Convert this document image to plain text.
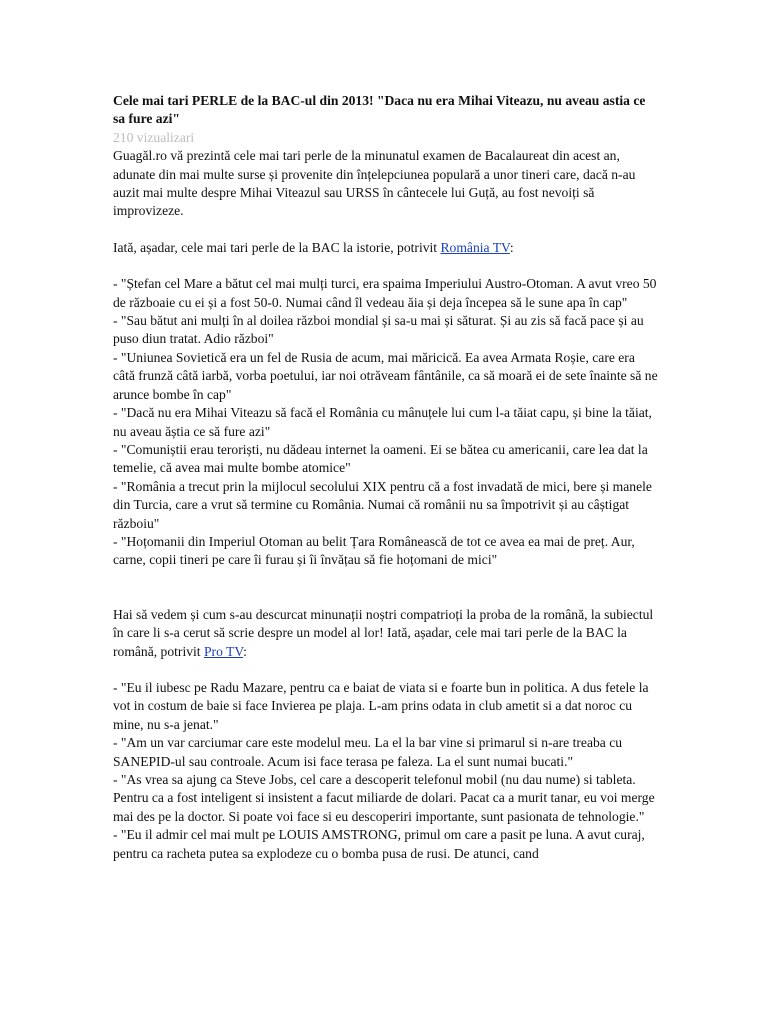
Cele mai tari PERLE de la BAC-ul din 2013! "Daca nu era Mihai Viteazu, nu aveau astia ce sa fure azi"

210 vizualizari

Guagăl.ro vă prezintă cele mai tari perle de la minunatul examen de Bacalaureat din acest an, adunate din mai multe surse și provenite din înțelepciunea populară a unor tineri care, dacă n-au auzit mai multe despre Mihai Viteazul sau URSS în cântecele lui Guță, au fost nevoiți să improvizeze.

Iată, așadar, cele mai tari perle de la BAC la istorie, potrivit România TV:

- "Ștefan cel Mare a bătut cel mai mulți turci, era spaima Imperiului Austro-Otoman. A avut vreo 50 de războaie cu ei și a fost 50-0. Numai când îl vedeau ăia și deja începea să le sune apa în cap"

- "Sau bătut ani mulți în al doilea război mondial și sa-u mai și săturat. Și au zis să facă pace și au puso diun tratat. Adio război"

- "Uniunea Sovietică era un fel de Rusia de acum, mai măricică. Ea avea Armata Roșie, care era câtă frunză câtă iarbă, vorba poetului, iar noi otrăveam fântânile, ca să moară ei de sete înainte să ne arunce bombe în cap"

- "Dacă nu era Mihai Viteazu să facă el România cu mânuțele lui cum l-a tăiat capu, și bine la tăiat, nu aveau ăștia ce să fure azi"

- "Comuniștii erau teroriști, nu dădeau internet la oameni. Ei se bătea cu americanii, care lea dat la temelie, că avea mai multe bombe atomice"

- "România a trecut prin la mijlocul secolului XIX pentru că a fost invadată de mici, bere și manele din Turcia, care a vrut să termine cu România. Numai că românii nu sa împotrivit și au câștigat războiu"

- "Hoțomanii din Imperiul Otoman au belit Țara Românească de tot ce avea ea mai de preț. Aur, carne, copii tineri pe care îi furau și îi învățau să fie hoțomani de mici"

Hai să vedem și cum s-au descurcat minunații noștri compatrioți la proba de la română, la subiectul în care li s-a cerut să scrie despre un model al lor! Iată, așadar, cele mai tari perle de la BAC la română, potrivit Pro TV:

- "Eu il iubesc pe Radu Mazare, pentru ca e baiat de viata si e foarte bun in politica. A dus fetele la vot in costum de baie si face Invierea pe plaja. L-am prins odata in club ametit si a dat noroc cu mine, nu s-a jenat."

- "Am un var carciumar care este modelul meu. La el la bar vine si primarul si n-are treaba cu SANEPID-ul sau controale. Acum isi face terasa pe faleza. La el sunt numai bucati."

- "As vrea sa ajung ca Steve Jobs, cel care a descoperit telefonul mobil (nu dau nume) si tableta. Pentru ca a fost inteligent si insistent a facut miliarde de dolari. Pacat ca a murit tanar, eu voi merge mai des pe la doctor. Si poate voi face si eu descoperiri importante, sunt pasionata de tehnologie."

- "Eu il admir cel mai mult pe LOUIS AMSTRONG, primul om care a pasit pe luna. A avut curaj, pentru ca racheta putea sa explodeze cu o bomba pusa de rusi. De atunci, cand
